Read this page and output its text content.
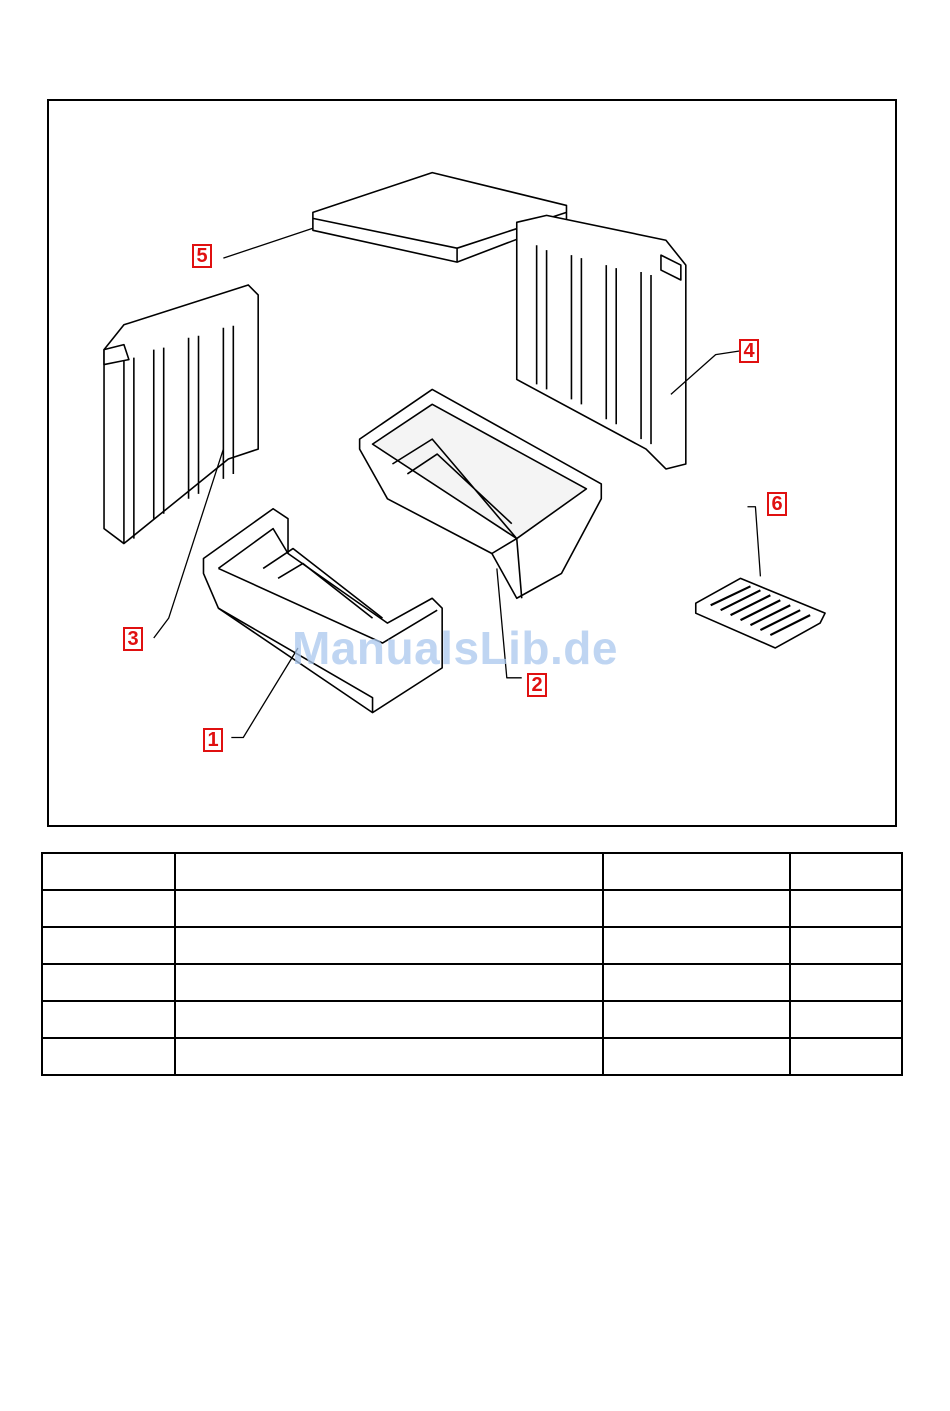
5
4
6
3
2
1
ManualsLib.de
